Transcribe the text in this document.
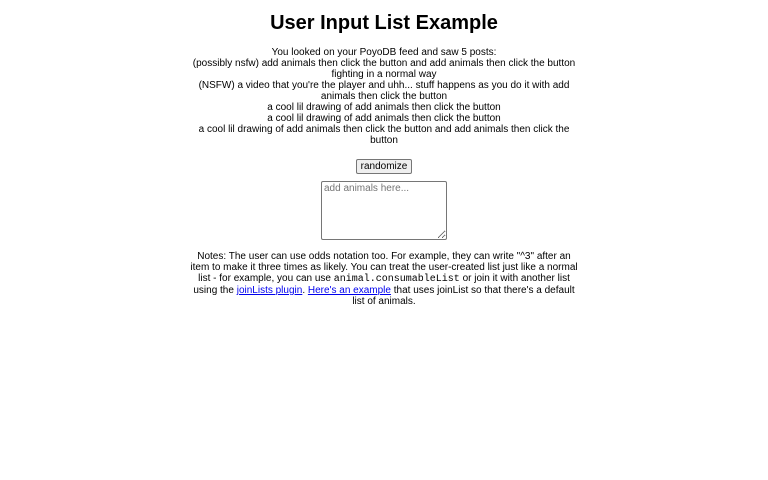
User Input List Example
You looked on your PoyoDB feed and saw 5 posts:
(possibly nsfw) add animals then click the button and add animals then click the button fighting in a normal way
(NSFW) a video that you're the player and uhh... stuff happens as you do it with add animals then click the button
a cool lil drawing of add animals then click the button
a cool lil drawing of add animals then click the button
a cool lil drawing of add animals then click the button and add animals then click the button
randomize
add animals here...
Notes: The user can use odds notation too. For example, they can write "^3" after an item to make it three times as likely. You can treat the user-created list just like a normal list - for example, you can use animal.consumableList or join it with another list using the joinLists plugin. Here's an example that uses joinList so that there's a default list of animals.
